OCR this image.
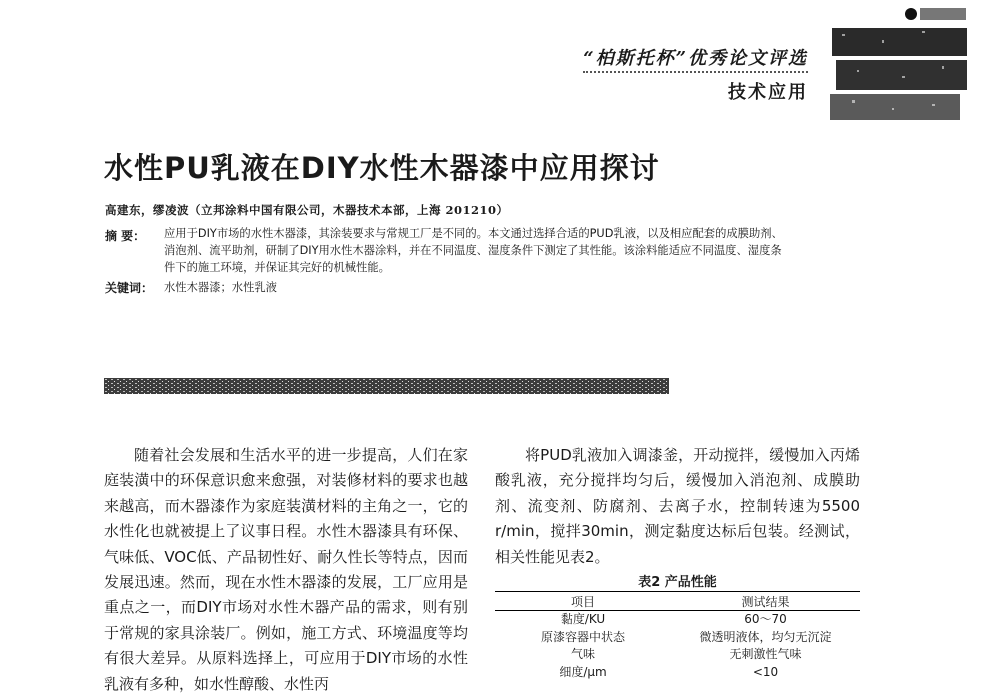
“柏斯托杯”优秀论文评选
技术应用
水性PU乳液在DIY水性木器漆中应用探讨
高建东，缪凌波（立邦涂料中国有限公司，木器技术本部，上海 201210）
摘 要： 应用于DIY市场的水性木器漆，其涂装要求与常规工厂是不同的。本文通过选择合适的PUD乳液，以及相应配套的成膜助剂、消泡剂、流平助剂，研制了DIY用水性木器涂料，并在不同温度、湿度条件下测定了其性能。该涂料能适应不同温度、湿度条件下的施工环境，并保证其完好的机械性能。
关键词： 水性木器漆；水性乳液
随着社会发展和生活水平的进一步提高，人们在家庭装潢中的环保意识愈来愈强，对装修材料的要求也越来越高，而木器漆作为家庭装潢材料的主角之一，它的水性化也就被提上了议事日程。水性木器漆具有环保、气味低、VOC低、产品韧性好、耐久性长等特点，因而发展迅速。然而，现在水性木器漆的发展，工厂应用是重点之一，而DIY市场对水性木器产品的需求，则有别于常规的家具涂装厂。例如，施工方式、环境温度等均有很大差异。从原料选择上，可应用于DIY市场的水性乳液有多种，如水性醇酸、水性丙
将PUD乳液加入调漆釜，开动搅拌，缓慢加入丙烯酸乳液，充分搅拌均匀后，缓慢加入消泡剂、成膜助剂、流变剂、防腐剂、去离子水，控制转速为5500 r/min，搅拌30min，测定黏度达标后包装。经测试，相关性能见表2。
表2 产品性能
项目	测试结果
黏度/KU	60～70
原漆容器中状态	微透明液体，均匀无沉淀
气味	无刺激性气味
细度/μm	<10
